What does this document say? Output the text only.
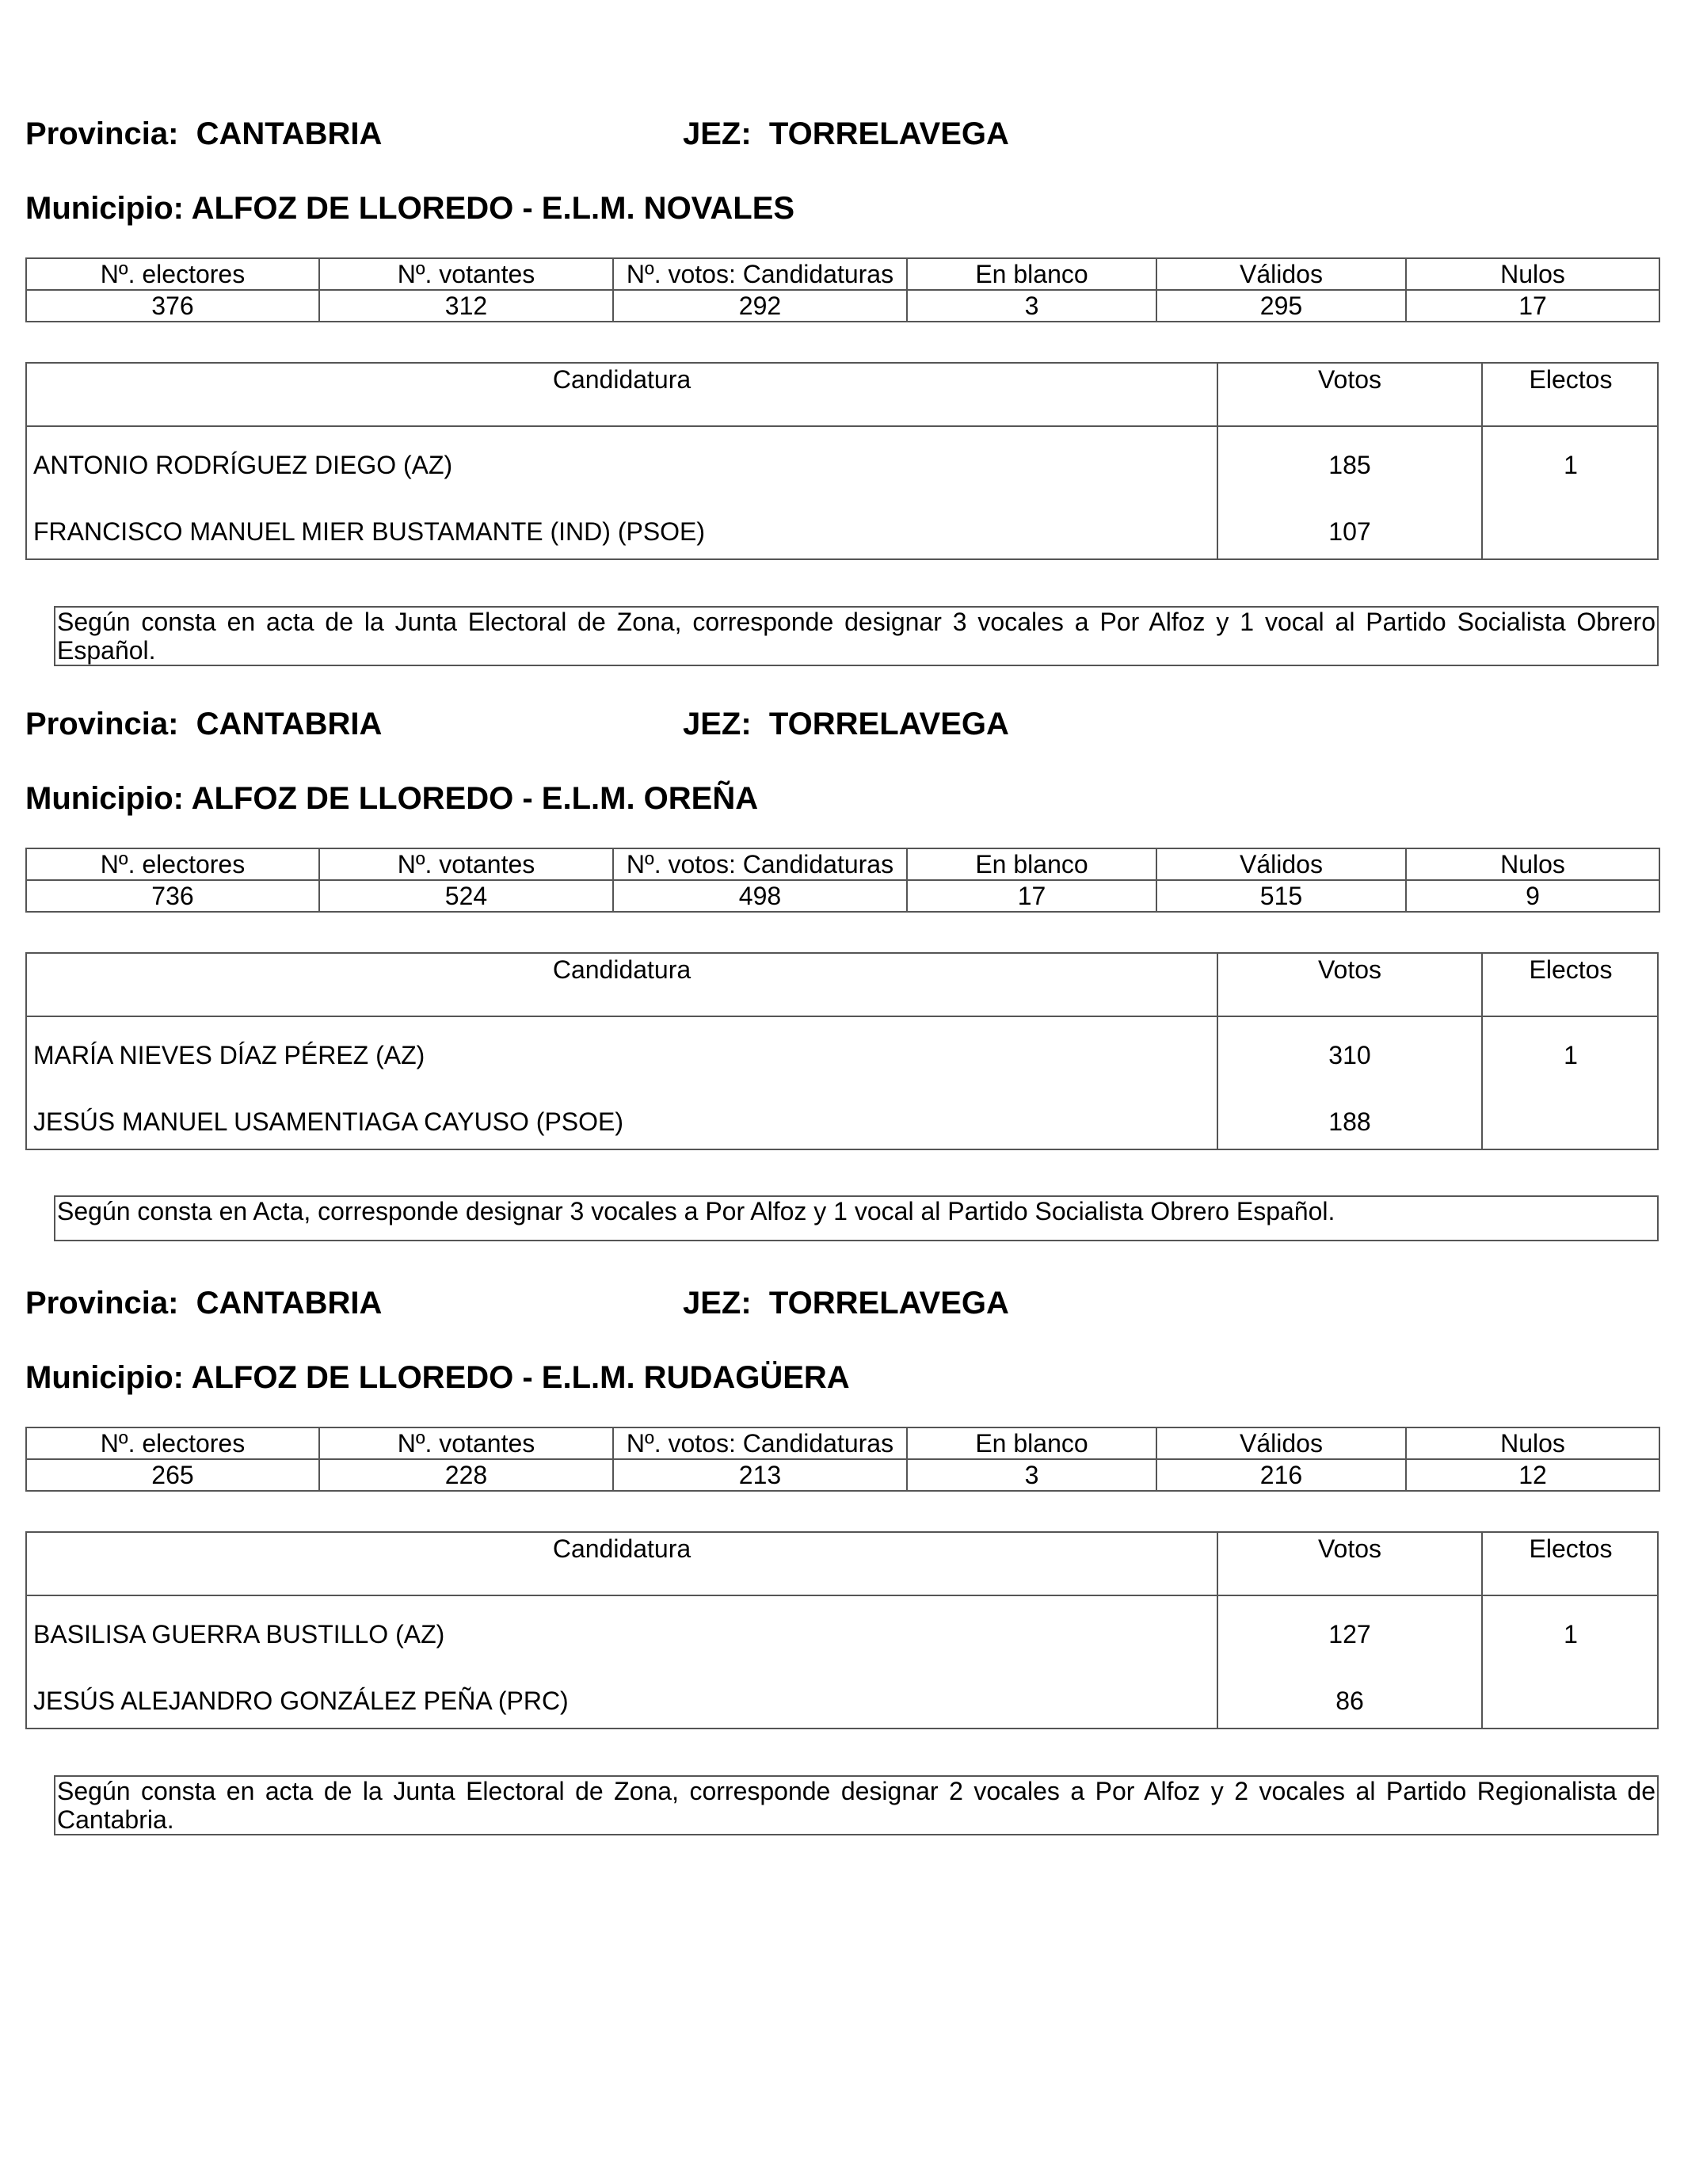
Provincia: CANTABRIA	JEZ: TORRELAVEGA
Municipio: ALFOZ DE LLOREDO - E.L.M. NOVALES
Nº. electores	Nº. votantes	Nº. votos: Candidaturas	En blanco	Válidos	Nulos
376	312	292	3	295	17
Candidatura	Votos	Electos
ANTONIO RODRÍGUEZ DIEGO (AZ)	185	1
FRANCISCO MANUEL MIER BUSTAMANTE (IND) (PSOE)	107
Según consta en acta de la Junta Electoral de Zona, corresponde designar 3 vocales a Por Alfoz y 1 vocal al Partido Socialista Obrero Español.
Provincia: CANTABRIA	JEZ: TORRELAVEGA
Municipio: ALFOZ DE LLOREDO - E.L.M. OREÑA
Nº. electores	Nº. votantes	Nº. votos: Candidaturas	En blanco	Válidos	Nulos
736	524	498	17	515	9
Candidatura	Votos	Electos
MARÍA NIEVES DÍAZ PÉREZ (AZ)	310	1
JESÚS MANUEL USAMENTIAGA CAYUSO (PSOE)	188
Según consta en Acta, corresponde designar 3 vocales a Por Alfoz y 1 vocal al Partido Socialista Obrero Español.
Provincia: CANTABRIA	JEZ: TORRELAVEGA
Municipio: ALFOZ DE LLOREDO - E.L.M. RUDAGÜERA
Nº. electores	Nº. votantes	Nº. votos: Candidaturas	En blanco	Válidos	Nulos
265	228	213	3	216	12
Candidatura	Votos	Electos
BASILISA GUERRA BUSTILLO (AZ)	127	1
JESÚS ALEJANDRO GONZÁLEZ PEÑA (PRC)	86
Según consta en acta de la Junta Electoral de Zona, corresponde designar 2 vocales a Por Alfoz y 2 vocales al Partido Regionalista de Cantabria.
